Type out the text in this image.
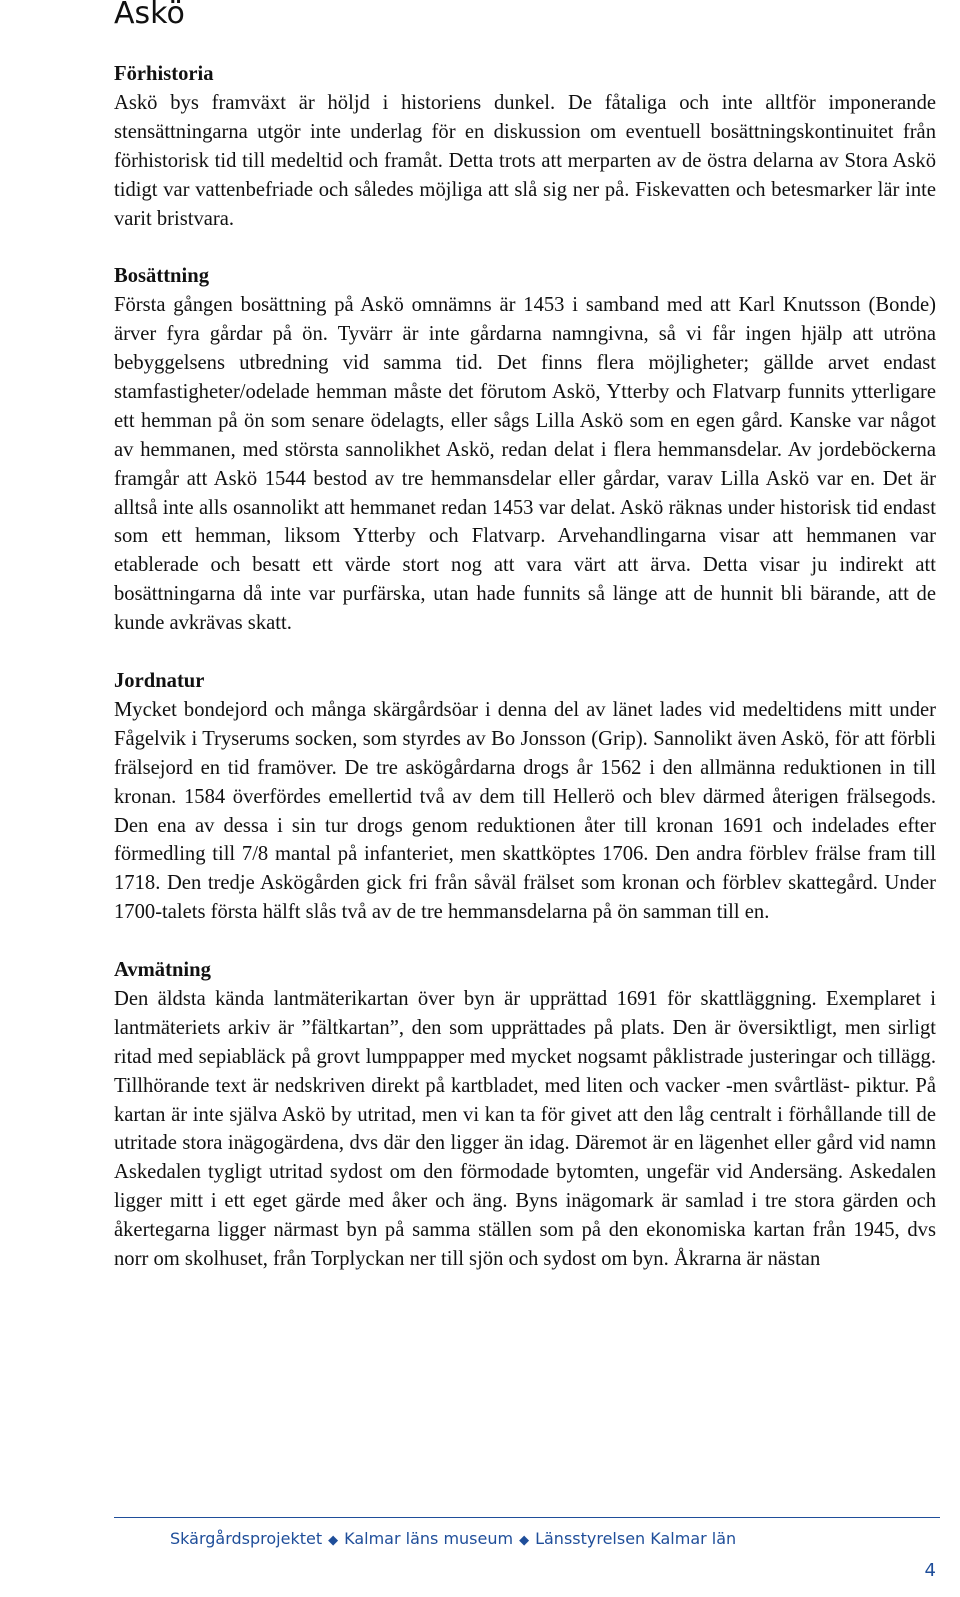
Askö
Förhistoria

Askö bys framväxt är höljd i historiens dunkel. De fåtaliga och inte alltför imponerande stensättningarna utgör inte underlag för en diskussion om eventuell bosättningskontinuitet från förhistorisk tid till medeltid och framåt. Detta trots att merparten av de östra delarna av Stora Askö tidigt var vattenbefriade och således möjliga att slå sig ner på. Fiskevatten och betesmarker lär inte varit bristvara.

Bosättning

Första gången bosättning på Askö omnämns är 1453 i samband med att Karl Knutsson (Bonde) ärver fyra gårdar på ön. Tyvärr är inte gårdarna namngivna, så vi får ingen hjälp att utröna bebyggelsens utbredning vid samma tid. Det finns flera möjligheter; gällde arvet endast stamfastigheter/odelade hemman måste det förutom Askö, Ytterby och Flatvarp funnits ytterligare ett hemman på ön som senare ödelagts, eller sågs Lilla Askö som en egen gård. Kanske var något av hemmanen, med största sannolikhet Askö, redan delat i flera hemmansdelar. Av jordeböckerna framgår att Askö 1544 bestod av tre hemmansdelar eller gårdar, varav Lilla Askö var en. Det är alltså inte alls osannolikt att hemmanet redan 1453 var delat. Askö räknas under historisk tid endast som ett hemman, liksom Ytterby och Flatvarp. Arvehandlingarna visar att hemmanen var etablerade och besatt ett värde stort nog att vara värt att ärva. Detta visar ju indirekt att bosättningarna då inte var purfärska, utan hade funnits så länge att de hunnit bli bärande, att de kunde avkrävas skatt.

Jordnatur

Mycket bondejord och många skärgårdsöar i denna del av länet lades vid medeltidens mitt under Fågelvik i Tryserums socken, som styrdes av Bo Jonsson (Grip). Sannolikt även Askö, för att förbli frälsejord en tid framöver. De tre askögårdarna drogs år 1562 i den allmänna reduktionen in till kronan. 1584 överfördes emellertid två av dem till Hellerö och blev därmed återigen frälsegods.Den ena av dessa i sin tur drogs genom reduktionen åter till kronan 1691 och indelades efter förmedling till 7/8 mantal på infanteriet, men skattköptes 1706. Den andra förblev frälse fram till 1718. Den tredje Askögården gick fri från såväl frälset som kronan och förblev skattegård. Under 1700-talets första hälft slås två av de tre hemmansdelarna på ön samman till en.

Avmätning

Den äldsta kända lantmäterikartan över byn är upprättad 1691 för skattläggning. Exemplaret i lantmäteriets arkiv är ”fältkartan”, den som upprättades på plats. Den är översiktligt, men sirligt ritad med sepiabläck på grovt lumppapper med mycket nogsamt påklistrade justeringar och tillägg.Tillhörande text är nedskriven direkt på kartbladet, med liten och vacker -men svårtläst- piktur. På kartan är inte själva Askö by utritad, men vi kan ta för givet att den låg centralt i förhållande till de utritade stora inägogärdena, dvs där den ligger än idag. Däremot är en lägenhet eller gård vid namn Askedalen tygligt utritad sydost om den förmodade bytomten, ungefär vid Andersäng. Askedalen ligger mitt i ett eget gärde med åker och äng. Byns inägomark är samlad i tre stora gärden och åkertegarna ligger närmast byn på samma ställen som på den ekonomiska kartan från 1945, dvs norr om skolhuset, från Torplyckan ner till sjön och sydost om byn. Åkrarna är nästan

Skärgårdsprojektet ◆ Kalmar läns museum ◆ Länsstyrelsen Kalmar län
4
